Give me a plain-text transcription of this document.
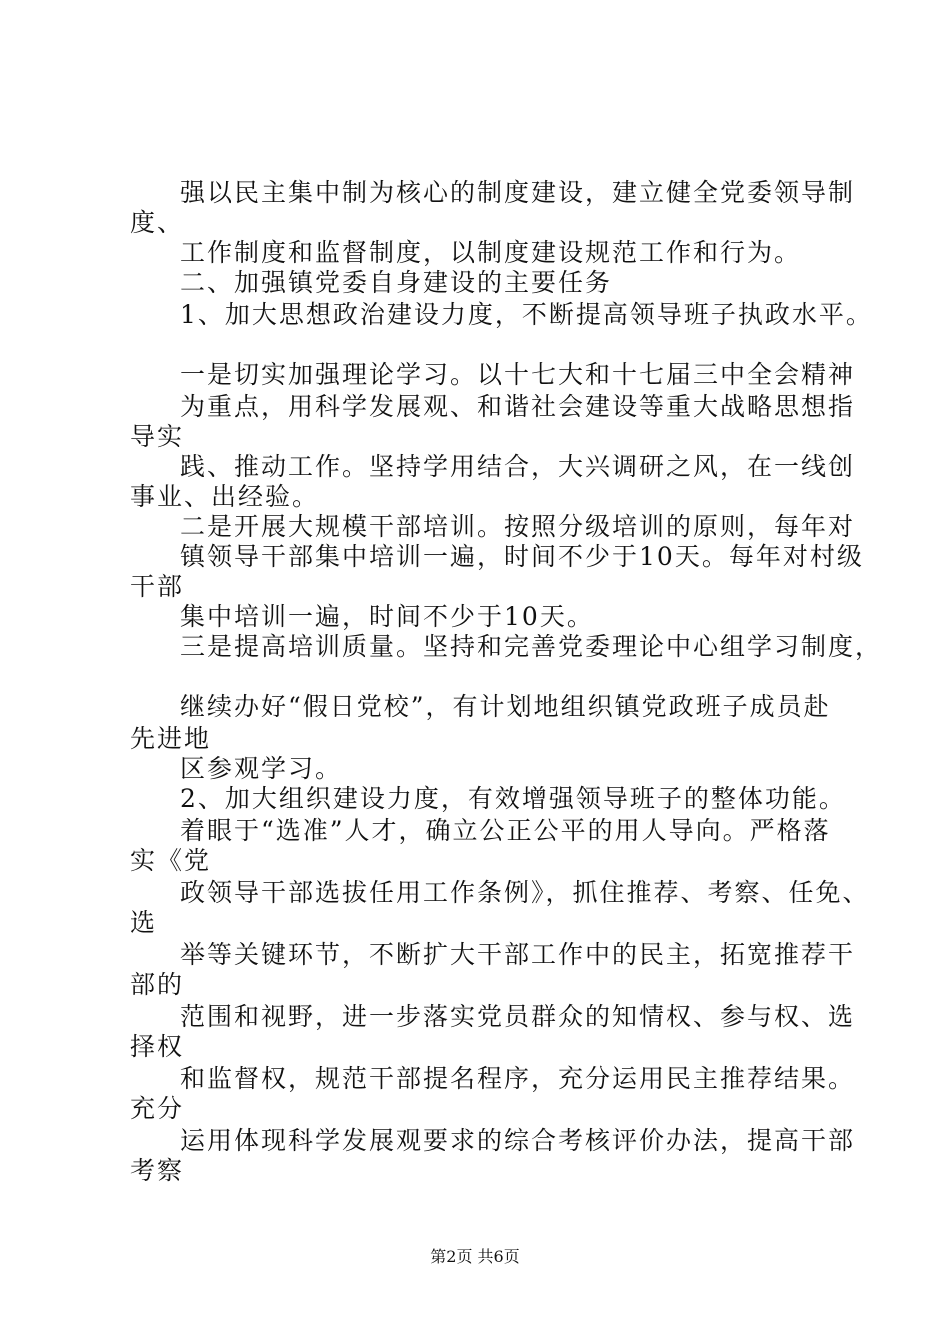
强以民主集中制为核心的制度建设，建立健全党委领导制
度、
工作制度和监督制度，以制度建设规范工作和行为。
二、加强镇党委自身建设的主要任务
1、加大思想政治建设力度，不断提高领导班子执政水平。
一是切实加强理论学习。以十七大和十七届三中全会精神
为重点，用科学发展观、和谐社会建设等重大战略思想指
导实
践、推动工作。坚持学用结合，大兴调研之风，在一线创
事业、出经验。
二是开展大规模干部培训。按照分级培训的原则，每年对
镇领导干部集中培训一遍，时间不少于10天。每年对村级
干部
集中培训一遍，时间不少于10天。
三是提高培训质量。坚持和完善党委理论中心组学习制度，
继续办好“假日党校”，有计划地组织镇党政班子成员赴
先进地
区参观学习。
2、加大组织建设力度，有效增强领导班子的整体功能。
着眼于“选准”人才，确立公正公平的用人导向。严格落
实《党
政领导干部选拔任用工作条例》，抓住推荐、考察、任免、
选
举等关键环节，不断扩大干部工作中的民主，拓宽推荐干
部的
范围和视野，进一步落实党员群众的知情权、参与权、选
择权
和监督权，规范干部提名程序，充分运用民主推荐结果。
充分
运用体现科学发展观要求的综合考核评价办法，提高干部
考察
第2页 共6页
